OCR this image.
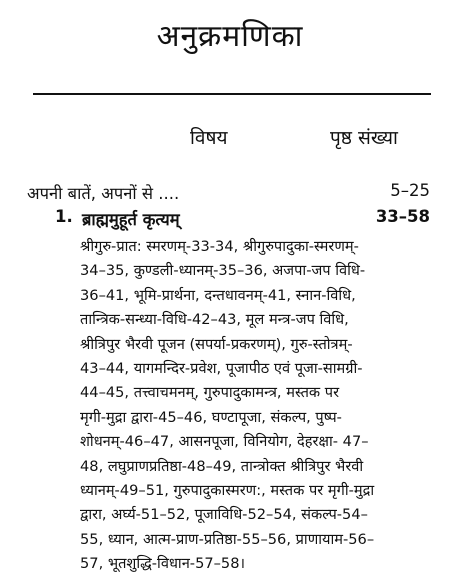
अनुक्रमणिका
विषय	पृष्ठ संख्या
अपनी बातें, अपनों से ....	5–25
1. ब्राह्ममुहूर्त कृत्यम्	33–58
श्रीगुरु-प्रात: स्मरणम्-33-34, श्रीगुरुपादुका-स्मरणम्-
34–35, कुण्डली-ध्यानम्-35–36, अजपा-जप विधि-
36–41, भूमि-प्रार्थना, दन्तधावनम्-41, स्नान-विधि,
तान्त्रिक-सन्ध्या-विधि-42–43, मूल मन्त्र-जप विधि,
श्रीत्रिपुर भैरवी पूजन (सपर्या-प्रकरणम्), गुरु-स्तोत्रम्-
43–44, यागमन्दिर-प्रवेश, पूजापीठ एवं पूजा-सामग्री-
44–45, तत्त्वाचमनम्, गुरुपादुकामन्त्र, मस्तक पर
मृगी-मुद्रा द्वारा-45–46, घण्टापूजा, संकल्प, पुष्प-
शोधनम्-46–47, आसनपूजा, विनियोग, देहरक्षा- 47–
48, लघुप्राणप्रतिष्ठा-48–49, तान्त्रोक्त श्रीत्रिपुर भैरवी
ध्यानम्-49–51, गुरुपादुकास्मरण:, मस्तक पर मृगी-मुद्रा
द्वारा, अर्घ्य-51–52, पूजाविधि-52–54, संकल्प-54–
55, ध्यान, आत्म-प्राण-प्रतिष्ठा-55–56, प्राणायाम-56–
57, भूतशुद्धि-विधान-57–58।
